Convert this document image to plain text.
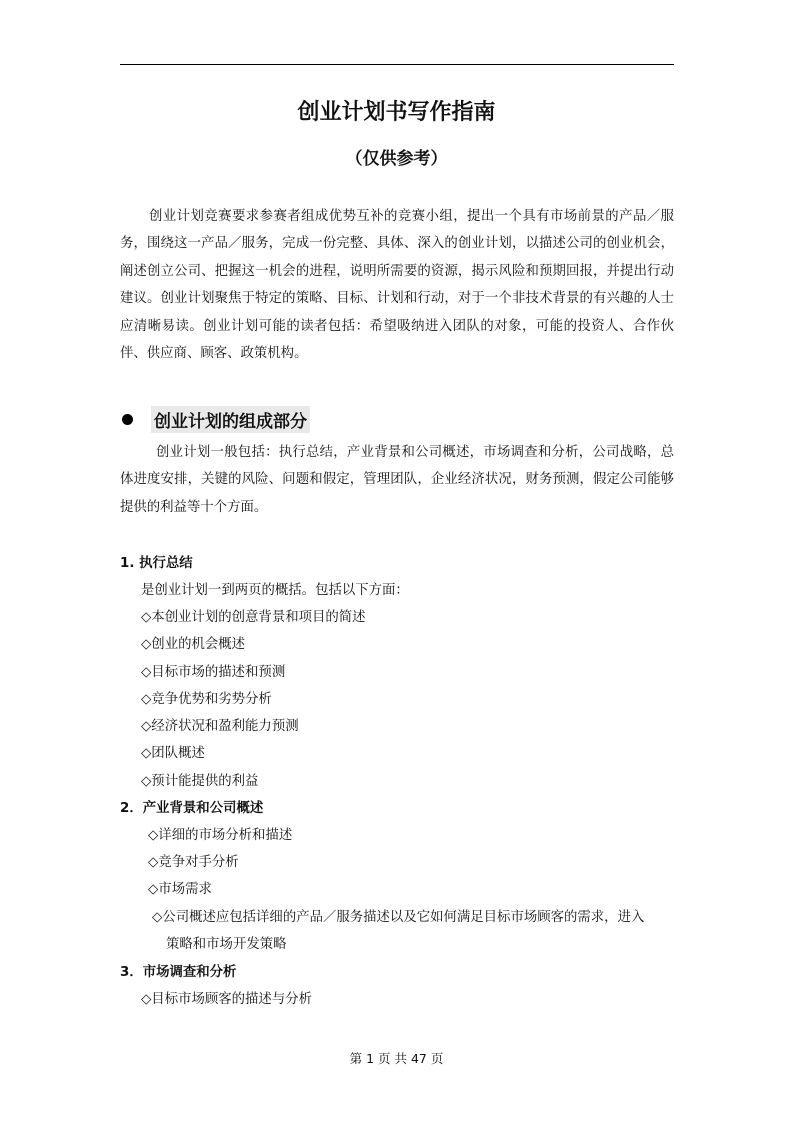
创业计划书写作指南
（仅供参考）

创业计划竞赛要求参赛者组成优势互补的竞赛小组，提出一个具有市场前景的产品／服务，围绕这一产品／服务，完成一份完整、具体、深入的创业计划，以描述公司的创业机会，阐述创立公司、把握这一机会的进程，说明所需要的资源，揭示风险和预期回报，并提出行动建议。创业计划聚焦于特定的策略、目标、计划和行动，对于一个非技术背景的有兴趣的人士应清晰易读。创业计划可能的读者包括：希望吸纳进入团队的对象，可能的投资人、合作伙伴、供应商、顾客、政策机构。

创业计划的组成部分

创业计划一般包括：执行总结，产业背景和公司概述，市场调查和分析，公司战略，总体进度安排，关键的风险、问题和假定，管理团队，企业经济状况，财务预测，假定公司能够提供的利益等十个方面。

1. 执行总结
是创业计划一到两页的概括。包括以下方面：
◇本创业计划的创意背景和项目的简述
◇创业的机会概述
◇目标市场的描述和预测
◇竞争优势和劣势分析
◇经济状况和盈利能力预测
◇团队概述
◇预计能提供的利益
2．产业背景和公司概述
◇详细的市场分析和描述
◇竞争对手分析
◇市场需求
◇公司概述应包括详细的产品／服务描述以及它如何满足目标市场顾客的需求，进入
策略和市场开发策略
3．市场调查和分析
◇目标市场顾客的描述与分析
第 1 页 共 47 页
